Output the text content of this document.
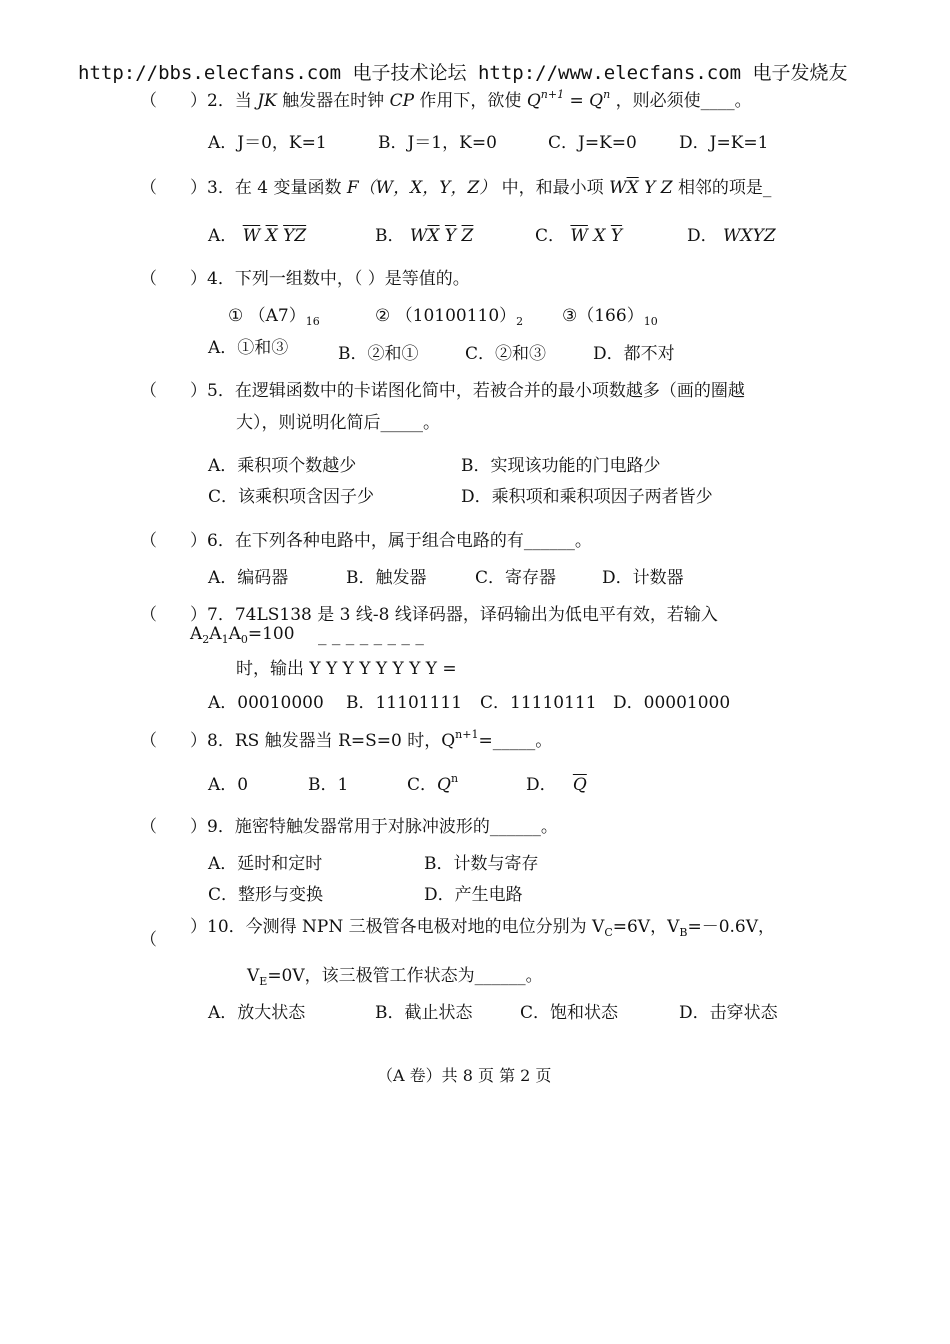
http://bbs.elecfans.com 电子技术论坛 http://www.elecfans.com 电子发烧友
（ ）2．当 JK 触发器在时钟 CP 作用下，欲使 $Q^{n+1} = Q^n$ ，则必须使____。
A．J＝0，K=1	B．J＝1，K=0	C．J=K=0 D．J=K=1
（ ）3．在 4 变量函数 F（W，X，Y，Z） 中，和最小项 $W\overline{X}$ Y Z 相邻的项是_
A． $\overline{W}$ $\overline{X}$ $\overline{Y}\overline{Z}$	B． $W\overline{X}$ $\overline{Y}$ $\overline{Z}$	C． $\overline{W}$ X $\overline{Y}$	D． WXYZ
（ ）4．下列一组数中，（ ）是等值的。
① $(A7)_{16}$	② $(10100110)_2$ $③(166)_{10}$
A．①和③	B．②和①	C．②和③	D．都不对
（ ）5．在逻辑函数中的卡诺图化简中，若被合并的最小项数越多（画的圈越
大），则说明化简后_____。
A．乘积项个数越少	B．实现该功能的门电路少
C．该乘积项含因子少	D．乘积项和乘积项因子两者皆少
（ ）6．在下列各种电路中，属于组合电路的有______。
A．编码器	B．触发器	C．寄存器	D．计数器
（ ）7．74LS138 是 3 线-8 线译码器，译码输出为低电平有效，若输入
$A_2A_1A_0=100$ _ _ _ _ _ _ _ _
时，输出 Y Y Y Y Y Y Y Y =
A．00010000 B．11101111 C．11110111 D．00001000
（ ）8．RS 触发器当 R=S=0 时，$Q^{n+1}=\_\_\_\_\_$。
A．0	B．1	C．$Q^n$	D． $\overline{Q}$
（ ）9．施密特触发器常用于对脉冲波形的______。
A．延时和定时	B．计数与寄存
C．整形与变换	D．产生电路
（
）10．今测得 NPN 三极管各电极对地的电位分别为 $V_C=6V$，$V_B=-0.6V$，
$V_E=0V$，该三极管工作状态为______。
A．放大状态	B．截止状态	C．饱和状态	D．击穿状态
（A 卷）共 8 页 第 2 页
